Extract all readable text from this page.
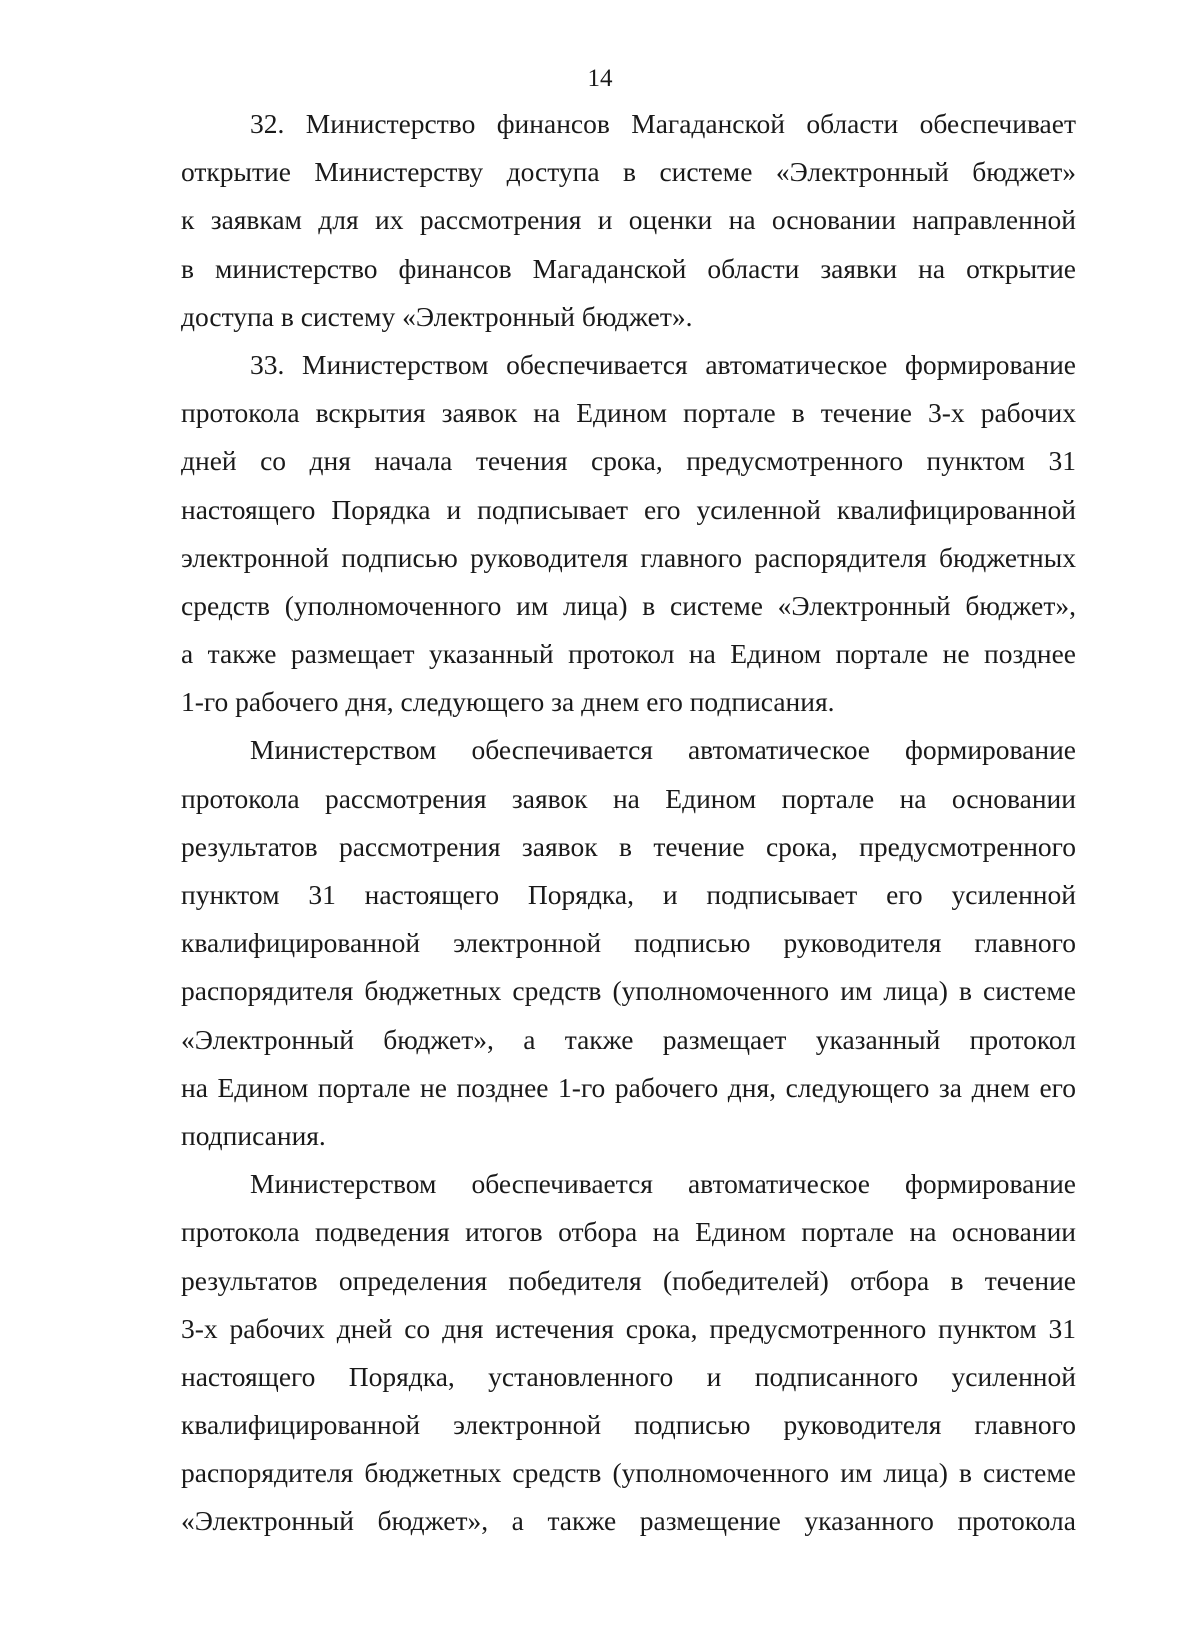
14
32. Министерство финансов Магаданской области обеспечивает
открытие Министерству доступа в системе «Электронный бюджет»
к заявкам для их рассмотрения и оценки на основании направленной
в министерство финансов Магаданской области заявки на открытие
доступа в систему «Электронный бюджет».
33. Министерством обеспечивается автоматическое формирование
протокола вскрытия заявок на Едином портале в течение 3-х рабочих
дней со дня начала течения срока, предусмотренного пунктом 31
настоящего Порядка и подписывает его усиленной квалифицированной
электронной подписью руководителя главного распорядителя бюджетных
средств (уполномоченного им лица) в системе «Электронный бюджет»,
а также размещает указанный протокол на Едином портале не позднее
1-го рабочего дня, следующего за днем его подписания.
Министерством обеспечивается автоматическое формирование
протокола рассмотрения заявок на Едином портале на основании
результатов рассмотрения заявок в течение срока, предусмотренного
пунктом 31 настоящего Порядка, и подписывает его усиленной
квалифицированной электронной подписью руководителя главного
распорядителя бюджетных средств (уполномоченного им лица) в системе
«Электронный бюджет», а также размещает указанный протокол
на Едином портале не позднее 1-го рабочего дня, следующего за днем его
подписания.
Министерством обеспечивается автоматическое формирование
протокола подведения итогов отбора на Едином портале на основании
результатов определения победителя (победителей) отбора в течение
3-х рабочих дней со дня истечения срока, предусмотренного пунктом 31
настоящего Порядка, установленного и подписанного усиленной
квалифицированной электронной подписью руководителя главного
распорядителя бюджетных средств (уполномоченного им лица) в системе
«Электронный бюджет», а также размещение указанного протокола
